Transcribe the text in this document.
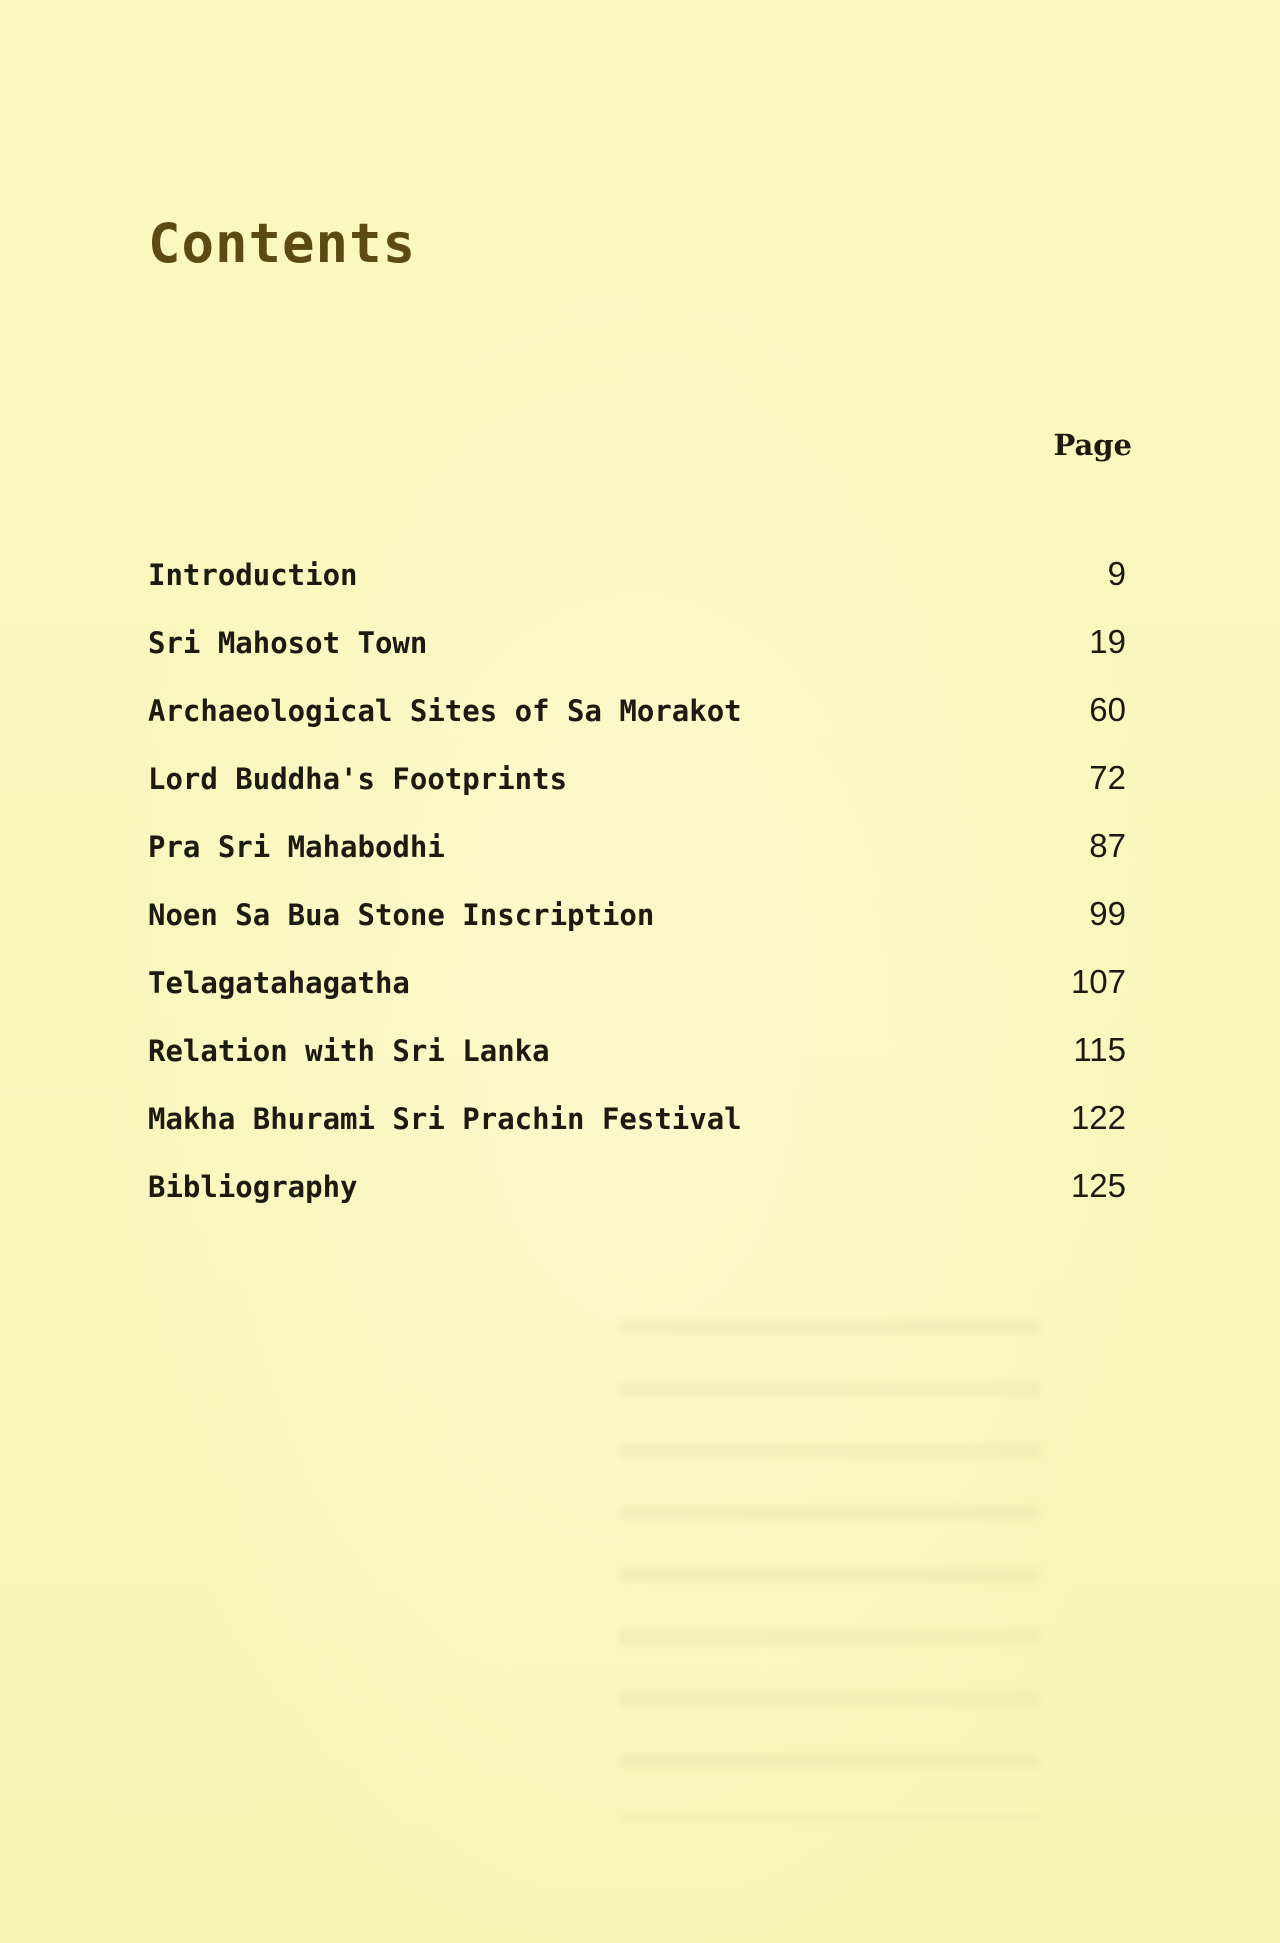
Contents
Page
Introduction	9
Sri Mahosot Town	19
Archaeological Sites of Sa Morakot	60
Lord Buddha's Footprints	72
Pra Sri Mahabodhi	87
Noen Sa Bua Stone Inscription	99
Telagatahagatha	107
Relation with Sri Lanka	115
Makha Bhurami Sri Prachin Festival	122
Bibliography	125
